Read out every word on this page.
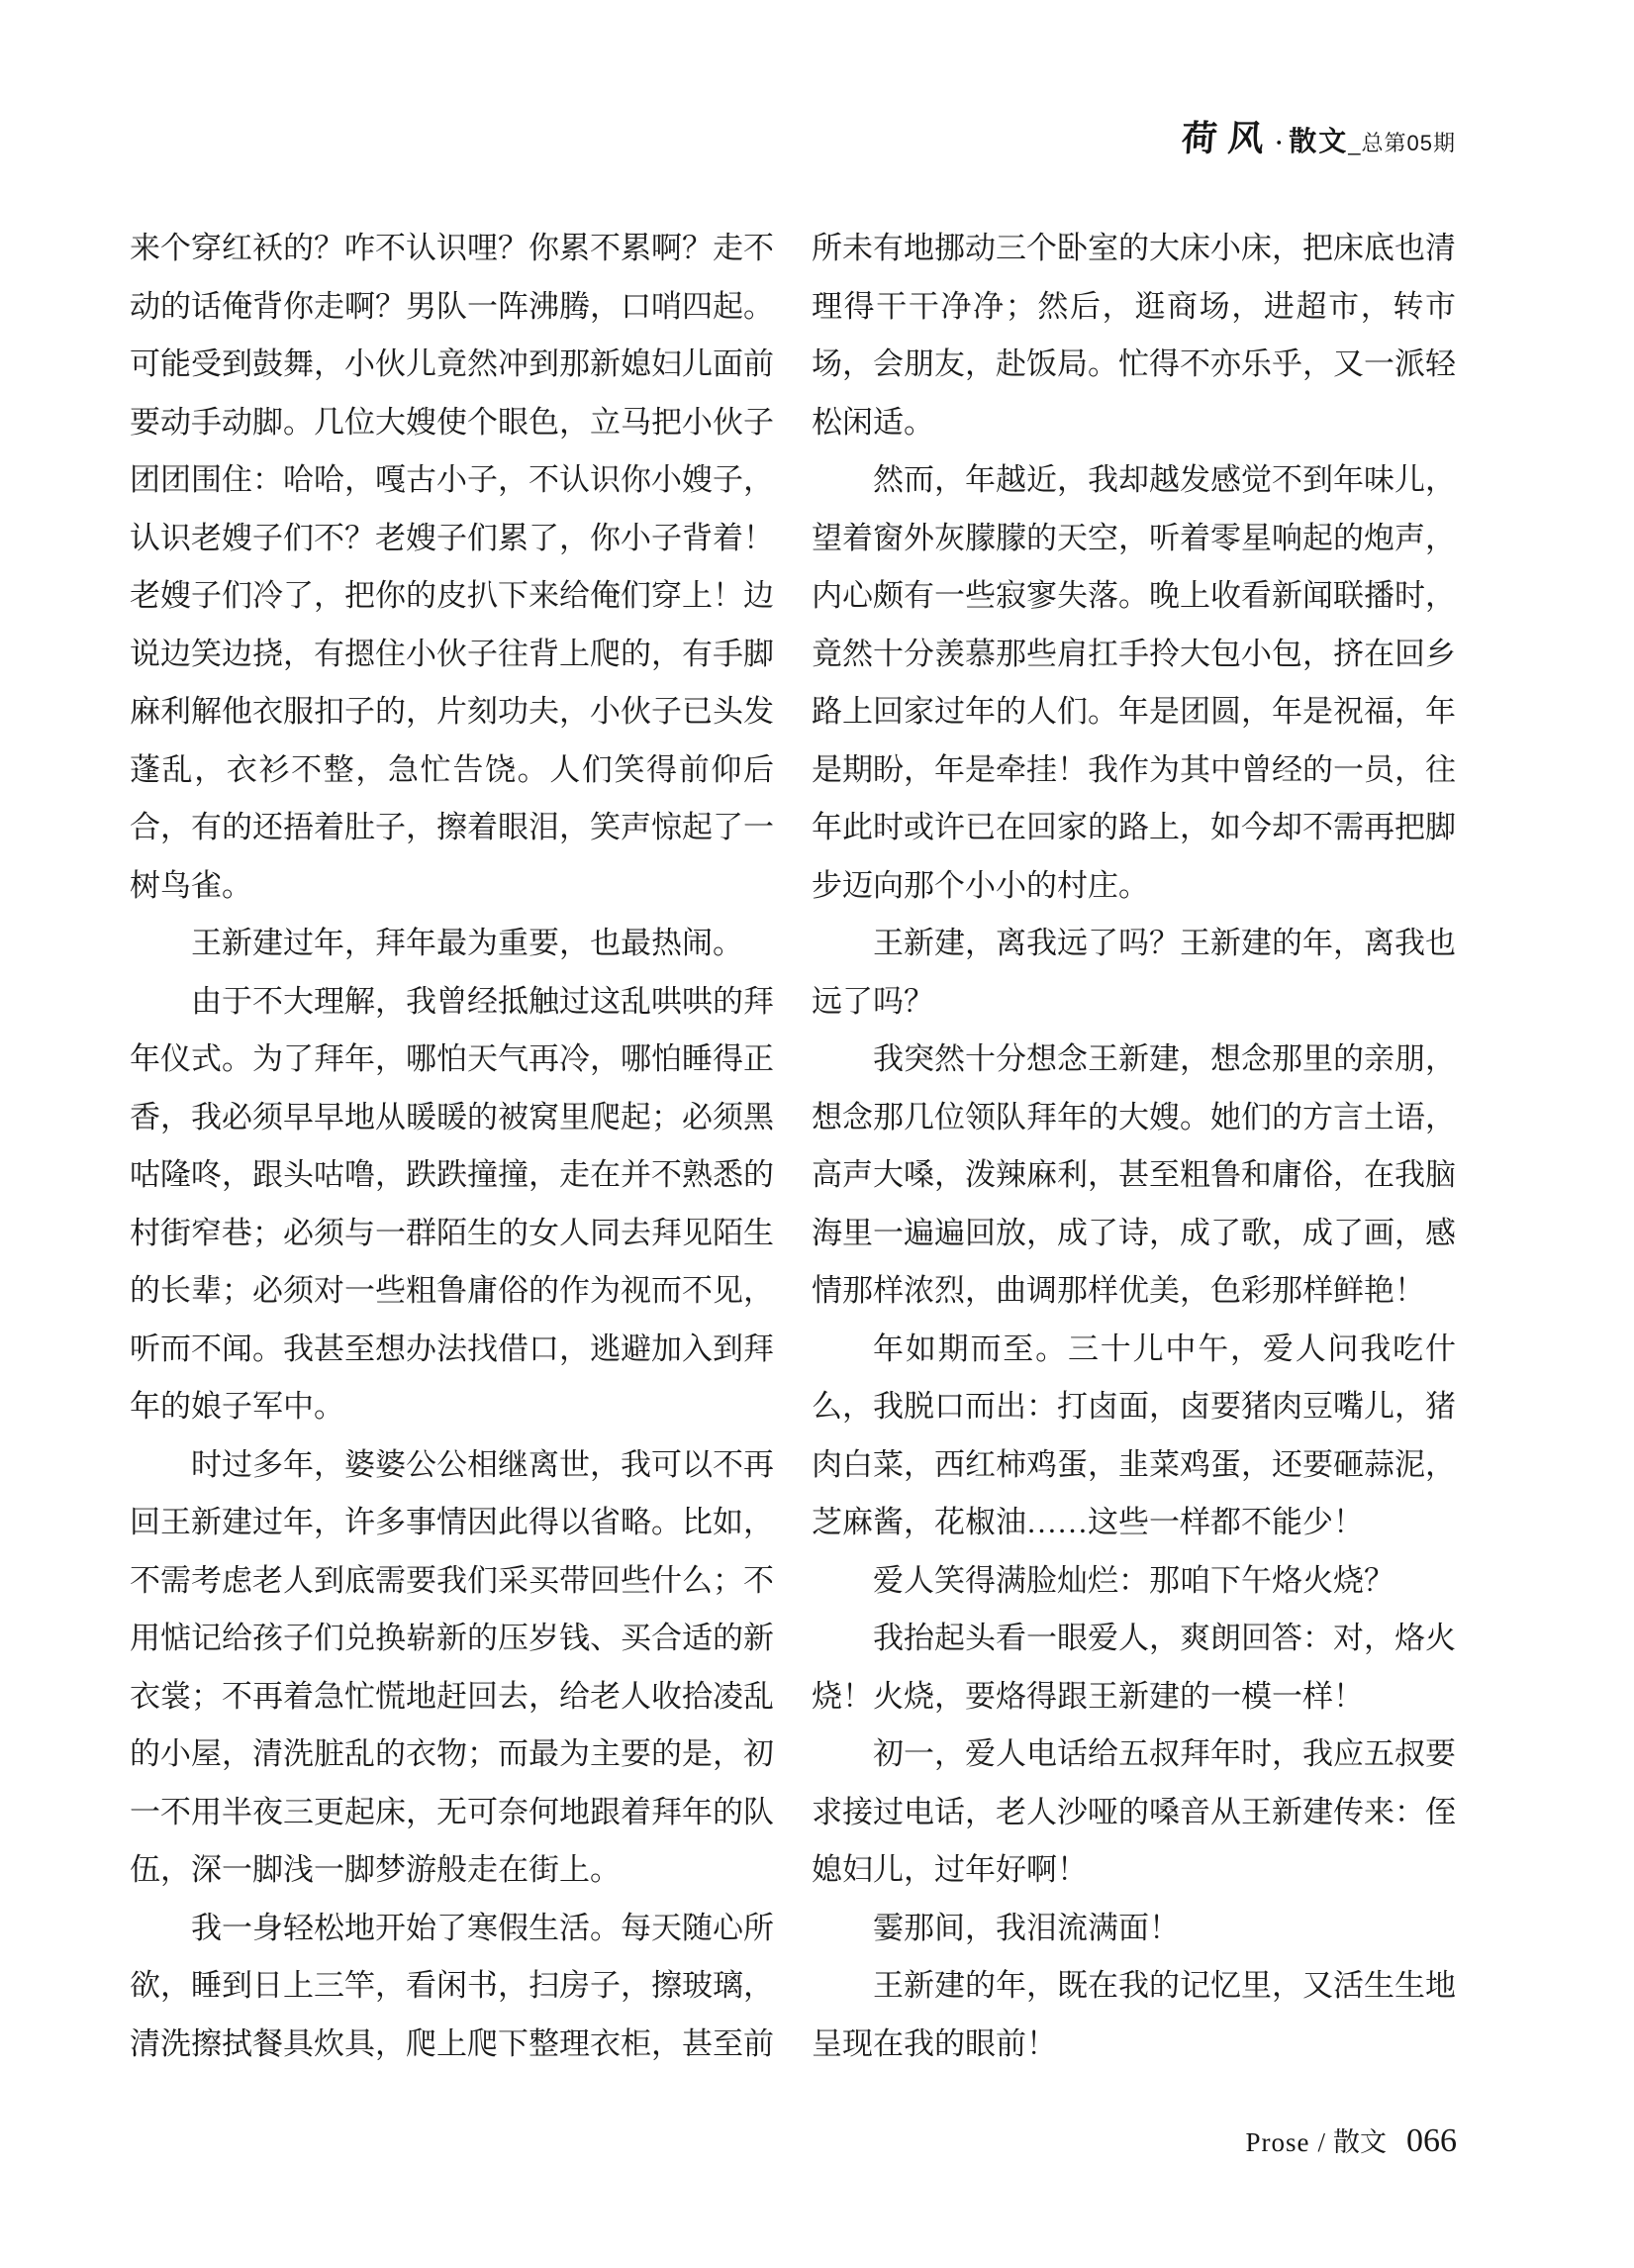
荷风
· 散文 _总第05期

来个穿红袄的？咋不认识哩？你累不累啊？走不动的话俺背你走啊？男队一阵沸腾，口哨四起。可能受到鼓舞，小伙儿竟然冲到那新媳妇儿面前要动手动脚。几位大嫂使个眼色，立马把小伙子团团围住：哈哈，嘎古小子，不认识你小嫂子，认识老嫂子们不？老嫂子们累了，你小子背着！老嫂子们冷了，把你的皮扒下来给俺们穿上！边说边笑边挠，有摁住小伙子往背上爬的，有手脚麻利解他衣服扣子的，片刻功夫，小伙子已头发蓬乱，衣衫不整，急忙告饶。人们笑得前仰后合，有的还捂着肚子，擦着眼泪，笑声惊起了一树鸟雀。

王新建过年，拜年最为重要，也最热闹。

由于不大理解，我曾经抵触过这乱哄哄的拜年仪式。为了拜年，哪怕天气再冷，哪怕睡得正香，我必须早早地从暖暖的被窝里爬起；必须黑咕隆咚，跟头咕噜，跌跌撞撞，走在并不熟悉的村街窄巷；必须与一群陌生的女人同去拜见陌生的长辈；必须对一些粗鲁庸俗的作为视而不见，听而不闻。我甚至想办法找借口，逃避加入到拜年的娘子军中。

时过多年，婆婆公公相继离世，我可以不再回王新建过年，许多事情因此得以省略。比如，不需考虑老人到底需要我们采买带回些什么；不用惦记给孩子们兑换崭新的压岁钱、买合适的新衣裳；不再着急忙慌地赶回去，给老人收拾凌乱的小屋，清洗脏乱的衣物；而最为主要的是，初一不用半夜三更起床，无可奈何地跟着拜年的队伍，深一脚浅一脚梦游般走在街上。

我一身轻松地开始了寒假生活。每天随心所欲，睡到日上三竿，看闲书，扫房子，擦玻璃，清洗擦拭餐具炊具，爬上爬下整理衣柜，甚至前

所未有地挪动三个卧室的大床小床，把床底也清理得干干净净；然后，逛商场，进超市，转市场，会朋友，赴饭局。忙得不亦乐乎，又一派轻松闲适。

然而，年越近，我却越发感觉不到年味儿，望着窗外灰朦朦的天空，听着零星响起的炮声，内心颇有一些寂寥失落。晚上收看新闻联播时，竟然十分羡慕那些肩扛手拎大包小包，挤在回乡路上回家过年的人们。年是团圆，年是祝福，年是期盼，年是牵挂！我作为其中曾经的一员，往年此时或许已在回家的路上，如今却不需再把脚步迈向那个小小的村庄。

王新建，离我远了吗？王新建的年，离我也远了吗？

我突然十分想念王新建，想念那里的亲朋，想念那几位领队拜年的大嫂。她们的方言土语，高声大嗓，泼辣麻利，甚至粗鲁和庸俗，在我脑海里一遍遍回放，成了诗，成了歌，成了画，感情那样浓烈，曲调那样优美，色彩那样鲜艳！

年如期而至。三十儿中午，爱人问我吃什么，我脱口而出：打卤面，卤要猪肉豆嘴儿，猪肉白菜，西红柿鸡蛋，韭菜鸡蛋，还要砸蒜泥，芝麻酱，花椒油……这些一样都不能少！

爱人笑得满脸灿烂：那咱下午烙火烧？

我抬起头看一眼爱人，爽朗回答：对，烙火烧！火烧，要烙得跟王新建的一模一样！

初一，爱人电话给五叔拜年时，我应五叔要求接过电话，老人沙哑的嗓音从王新建传来：侄媳妇儿，过年好啊！

霎那间，我泪流满面！

王新建的年，既在我的记忆里，又活生生地呈现在我的眼前！

Prose / 散文 066
